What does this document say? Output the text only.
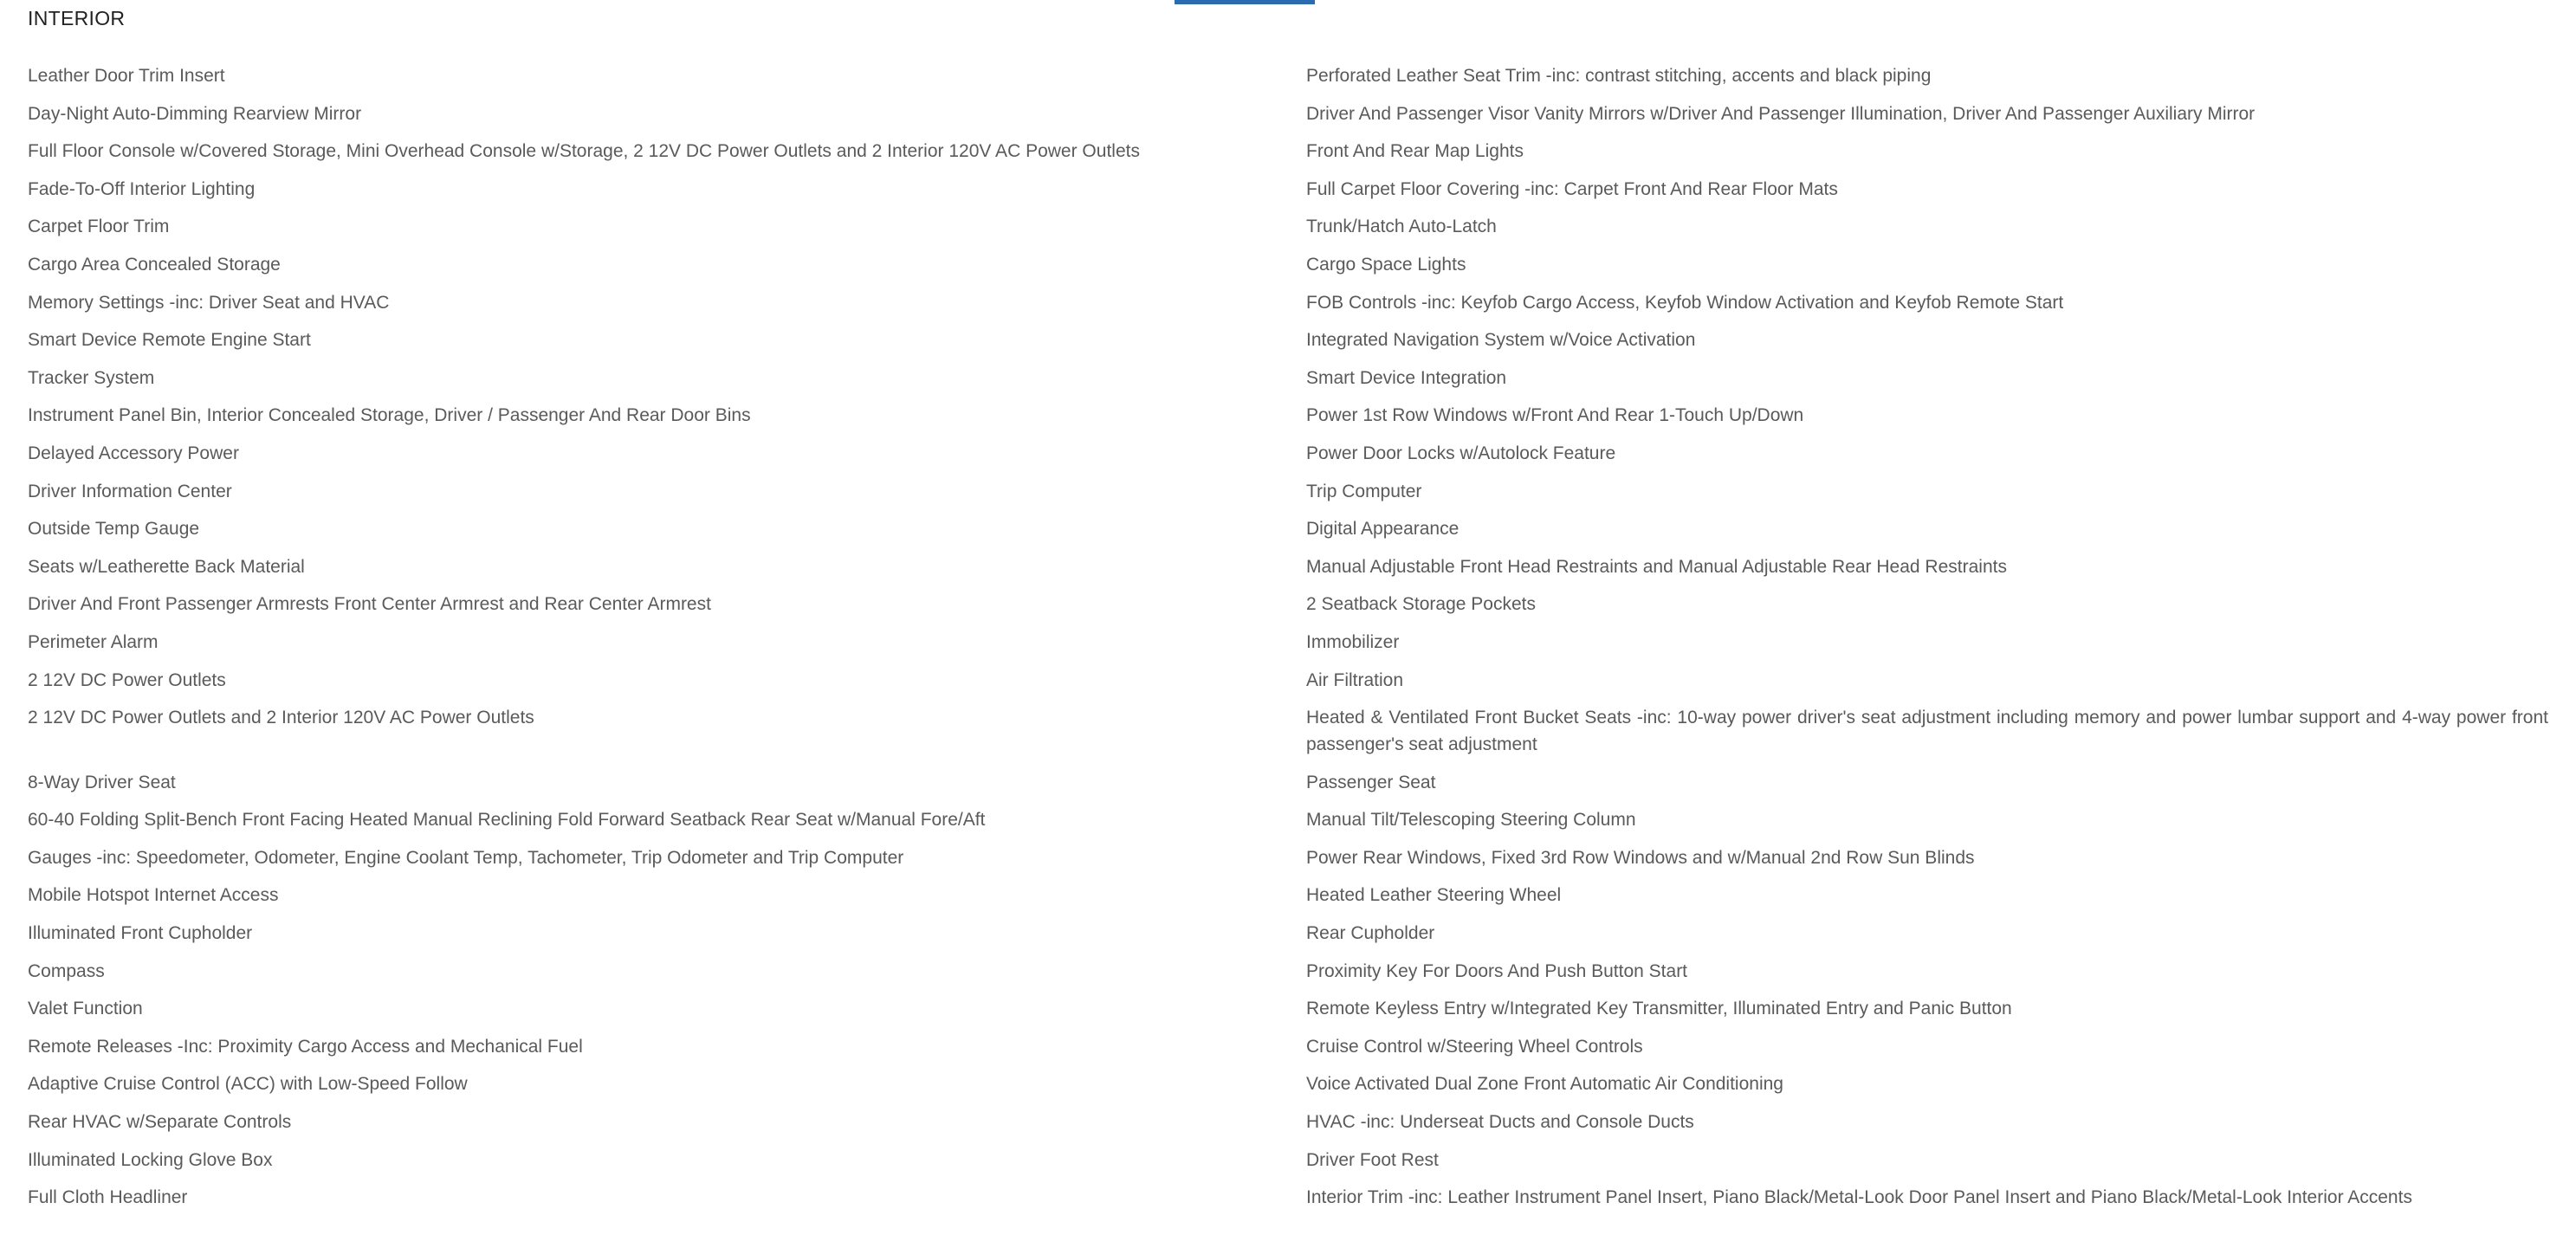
INTERIOR
Leather Door Trim Insert	Perforated Leather Seat Trim -inc: contrast stitching, accents and black piping
Day-Night Auto-Dimming Rearview Mirror	Driver And Passenger Visor Vanity Mirrors w/Driver And Passenger Illumination, Driver And Passenger Auxiliary Mirror
Full Floor Console w/Covered Storage, Mini Overhead Console w/Storage, 2 12V DC Power Outlets and 2 Interior 120V AC Power Outlets	Front And Rear Map Lights
Fade-To-Off Interior Lighting	Full Carpet Floor Covering -inc: Carpet Front And Rear Floor Mats
Carpet Floor Trim	Trunk/Hatch Auto-Latch
Cargo Area Concealed Storage	Cargo Space Lights
Memory Settings -inc: Driver Seat and HVAC	FOB Controls -inc: Keyfob Cargo Access, Keyfob Window Activation and Keyfob Remote Start
Smart Device Remote Engine Start	Integrated Navigation System w/Voice Activation
Tracker System	Smart Device Integration
Instrument Panel Bin, Interior Concealed Storage, Driver / Passenger And Rear Door Bins	Power 1st Row Windows w/Front And Rear 1-Touch Up/Down
Delayed Accessory Power	Power Door Locks w/Autolock Feature
Driver Information Center	Trip Computer
Outside Temp Gauge	Digital Appearance
Seats w/Leatherette Back Material	Manual Adjustable Front Head Restraints and Manual Adjustable Rear Head Restraints
Driver And Front Passenger Armrests Front Center Armrest and Rear Center Armrest	2 Seatback Storage Pockets
Perimeter Alarm	Immobilizer
2 12V DC Power Outlets	Air Filtration
2 12V DC Power Outlets and 2 Interior 120V AC Power Outlets	Heated & Ventilated Front Bucket Seats -inc: 10-way power driver's seat adjustment including memory and power lumbar support and 4-way power front passenger's seat adjustment
8-Way Driver Seat	Passenger Seat
60-40 Folding Split-Bench Front Facing Heated Manual Reclining Fold Forward Seatback Rear Seat w/Manual Fore/Aft	Manual Tilt/Telescoping Steering Column
Gauges -inc: Speedometer, Odometer, Engine Coolant Temp, Tachometer, Trip Odometer and Trip Computer	Power Rear Windows, Fixed 3rd Row Windows and w/Manual 2nd Row Sun Blinds
Mobile Hotspot Internet Access	Heated Leather Steering Wheel
Illuminated Front Cupholder	Rear Cupholder
Compass	Proximity Key For Doors And Push Button Start
Valet Function	Remote Keyless Entry w/Integrated Key Transmitter, Illuminated Entry and Panic Button
Remote Releases -Inc: Proximity Cargo Access and Mechanical Fuel	Cruise Control w/Steering Wheel Controls
Adaptive Cruise Control (ACC) with Low-Speed Follow	Voice Activated Dual Zone Front Automatic Air Conditioning
Rear HVAC w/Separate Controls	HVAC -inc: Underseat Ducts and Console Ducts
Illuminated Locking Glove Box	Driver Foot Rest
Full Cloth Headliner	Interior Trim -inc: Leather Instrument Panel Insert, Piano Black/Metal-Look Door Panel Insert and Piano Black/Metal-Look Interior Accents
